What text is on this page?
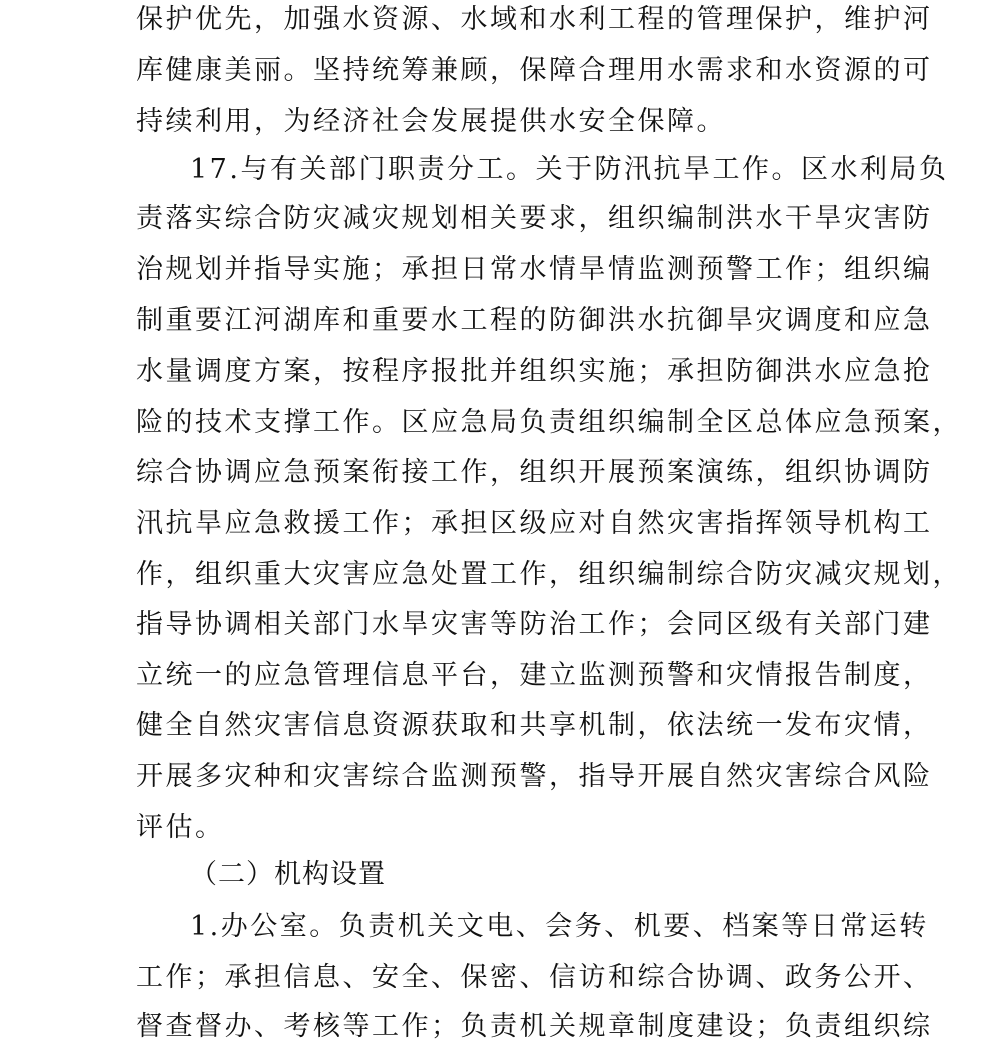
保护优先，加强水资源、水域和水利工程的管理保护，维护河
库健康美丽。坚持统筹兼顾，保障合理用水需求和水资源的可
持续利用，为经济社会发展提供水安全保障。
17.与有关部门职责分工。关于防汛抗旱工作。区水利局负
责落实综合防灾减灾规划相关要求，组织编制洪水干旱灾害防
治规划并指导实施；承担日常水情旱情监测预警工作；组织编
制重要江河湖库和重要水工程的防御洪水抗御旱灾调度和应急
水量调度方案，按程序报批并组织实施；承担防御洪水应急抢
险的技术支撑工作。区应急局负责组织编制全区总体应急预案，
综合协调应急预案衔接工作，组织开展预案演练，组织协调防
汛抗旱应急救援工作；承担区级应对自然灾害指挥领导机构工
作，组织重大灾害应急处置工作，组织编制综合防灾减灾规划，
指导协调相关部门水旱灾害等防治工作；会同区级有关部门建
立统一的应急管理信息平台，建立监测预警和灾情报告制度，
健全自然灾害信息资源获取和共享机制，依法统一发布灾情，
开展多灾种和灾害综合监测预警，指导开展自然灾害综合风险
评估。
（二）机构设置
1.办公室。负责机关文电、会务、机要、档案等日常运转
工作；承担信息、安全、保密、信访和综合协调、政务公开、
督查督办、考核等工作；负责机关规章制度建设；负责组织综
